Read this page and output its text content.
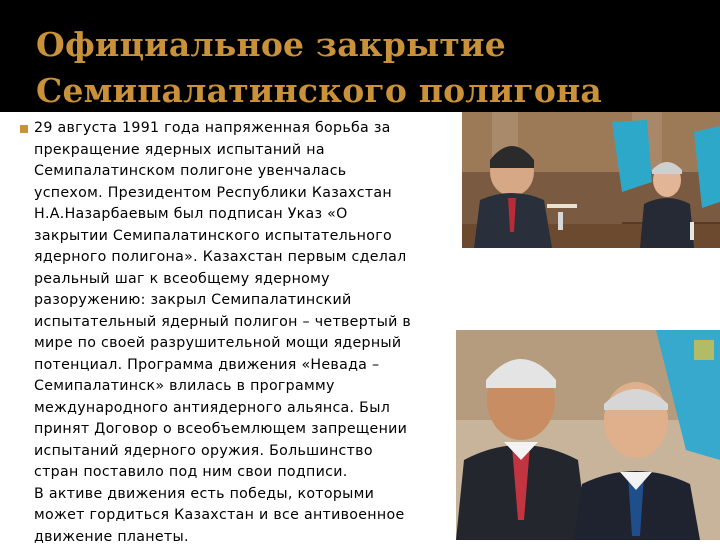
Официальное закрытие
Семипалатинского полигона
29 августа 1991 года напряженная борьба за
прекращение ядерных испытаний на
Семипалатинском полигоне увенчалась
успехом. Президентом Республики Казахстан
Н.А.Назарбаевым был подписан Указ «О
закрытии Семипалатинского испытательного
ядерного полигона». Казахстан первым сделал
реальный шаг к всеобщему ядерному
разоружению: закрыл Семипалатинский
испытательный ядерный полигон – четвертый в
мире по своей разрушительной мощи ядерный
потенциал. Программа движения «Невада –
Семипалатинск» влилась в программу
международного антиядерного альянса. Был
принят Договор о всеобъемлющем запрещении
испытаний ядерного оружия. Большинство
стран поставило под ним свои подписи.
В активе движения есть победы, которыми
может гордиться Казахстан и все антивоенное
движение планеты.
